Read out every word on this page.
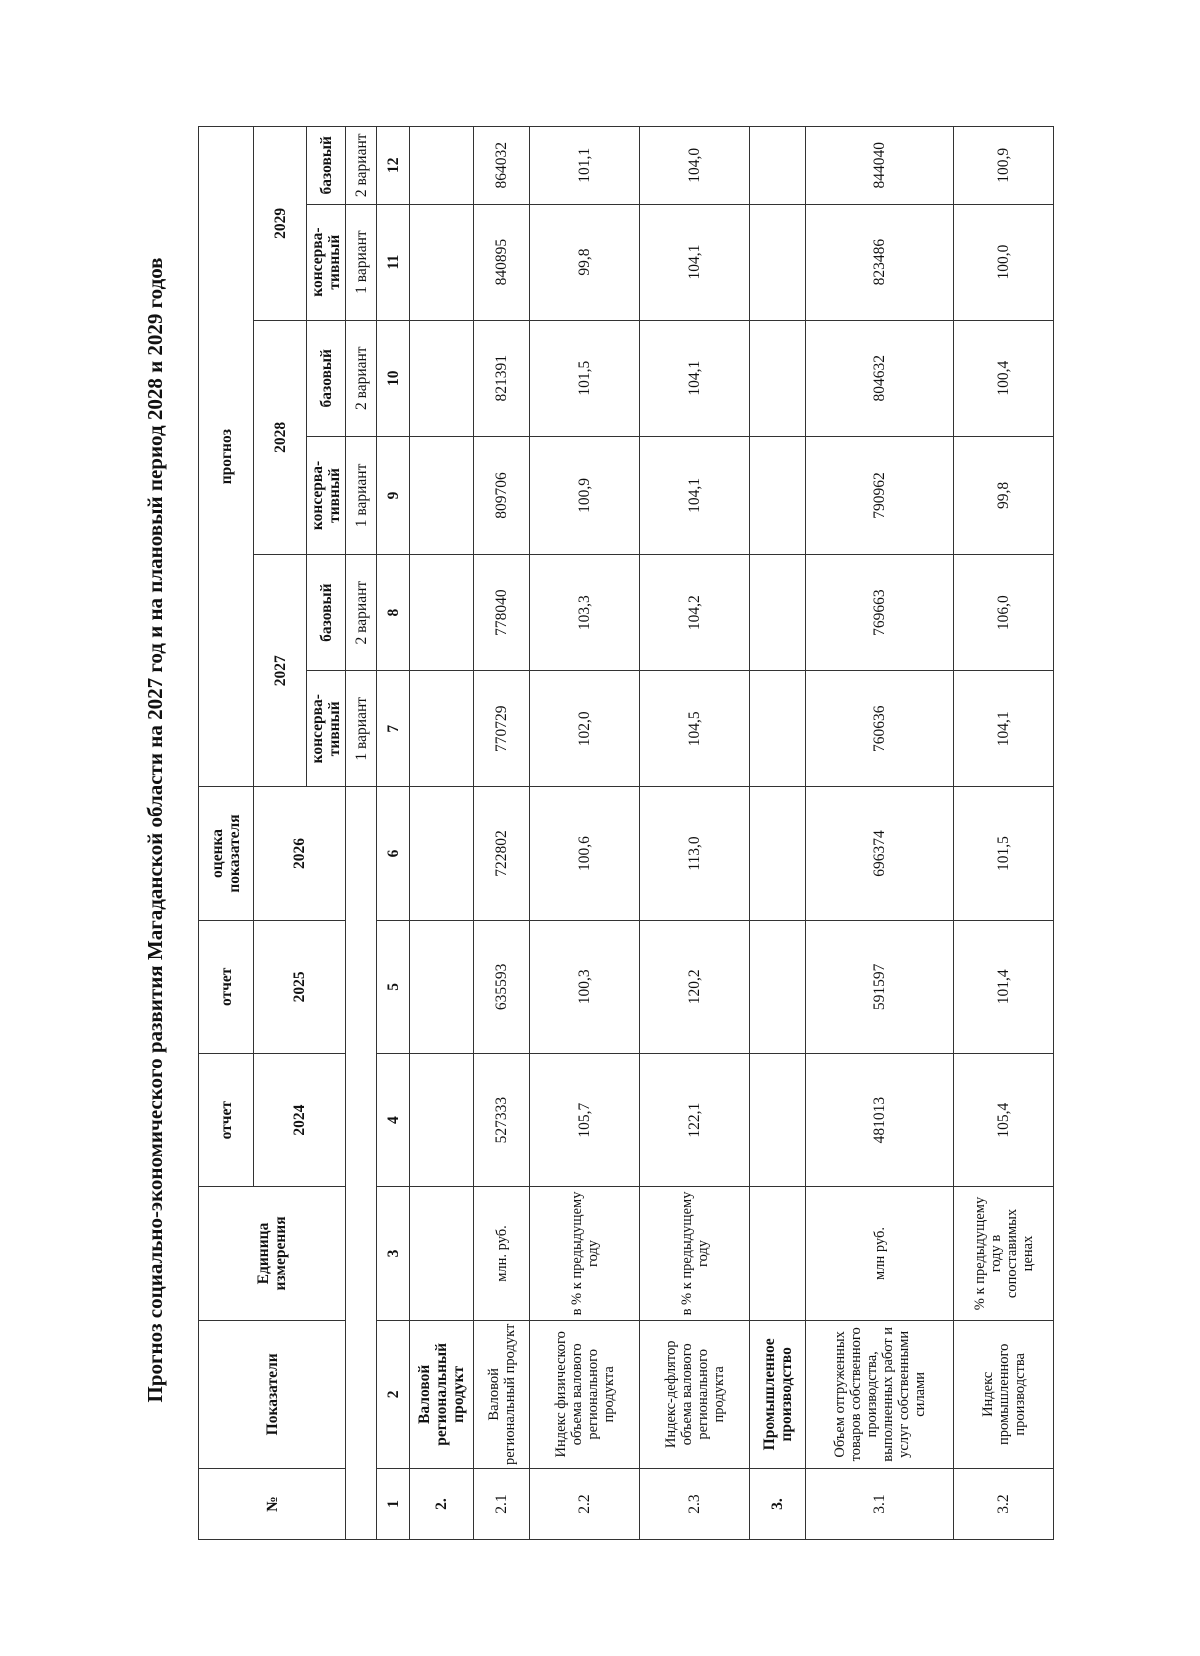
Прогноз социально-экономического развития Магаданской области на 2027 год и на плановый период 2028 и 2029 годов
№	Показатели	Единица измерения	отчет	отчет	оценка показателя	прогноз					
			2024	2025	2026						
						2027		2028		2029	
						консерва-тивный	базовый	консерва-тивный	базовый	консерва-тивный	базовый
						1 вариант	2 вариант	1 вариант	2 вариант	1 вариант	2 вариант
1	2	3	4	5	6	7	8	9	10	11	12
2.	Валовой региональный продукт										
2.1	Валовой региональный продукт	млн. руб.	527333	635593	722802	770729	778040	809706	821391	840895	864032
2.2	Индекс физического объема валового регионального продукта	в % к предыдущему году	105,7	100,3	100,6	102,0	103,3	100,9	101,5	99,8	101,1
2.3	Индекс-дефлятор объема валового регионального продукта	в % к предыдущему году	122,1	120,2	113,0	104,5	104,2	104,1	104,1	104,1	104,0
3.	Промышленное производство										
3.1	Объем отгруженных товаров собственного производства, выполненных работ и услуг собственными силами	млн руб.	481013	591597	696374	760636	769663	790962	804632	823486	844040
3.2	Индекс промышленного производства	% к предыдущему году в сопоставимых ценах	105,4	101,4	101,5	104,1	106,0	99,8	100,4	100,0	100,9
